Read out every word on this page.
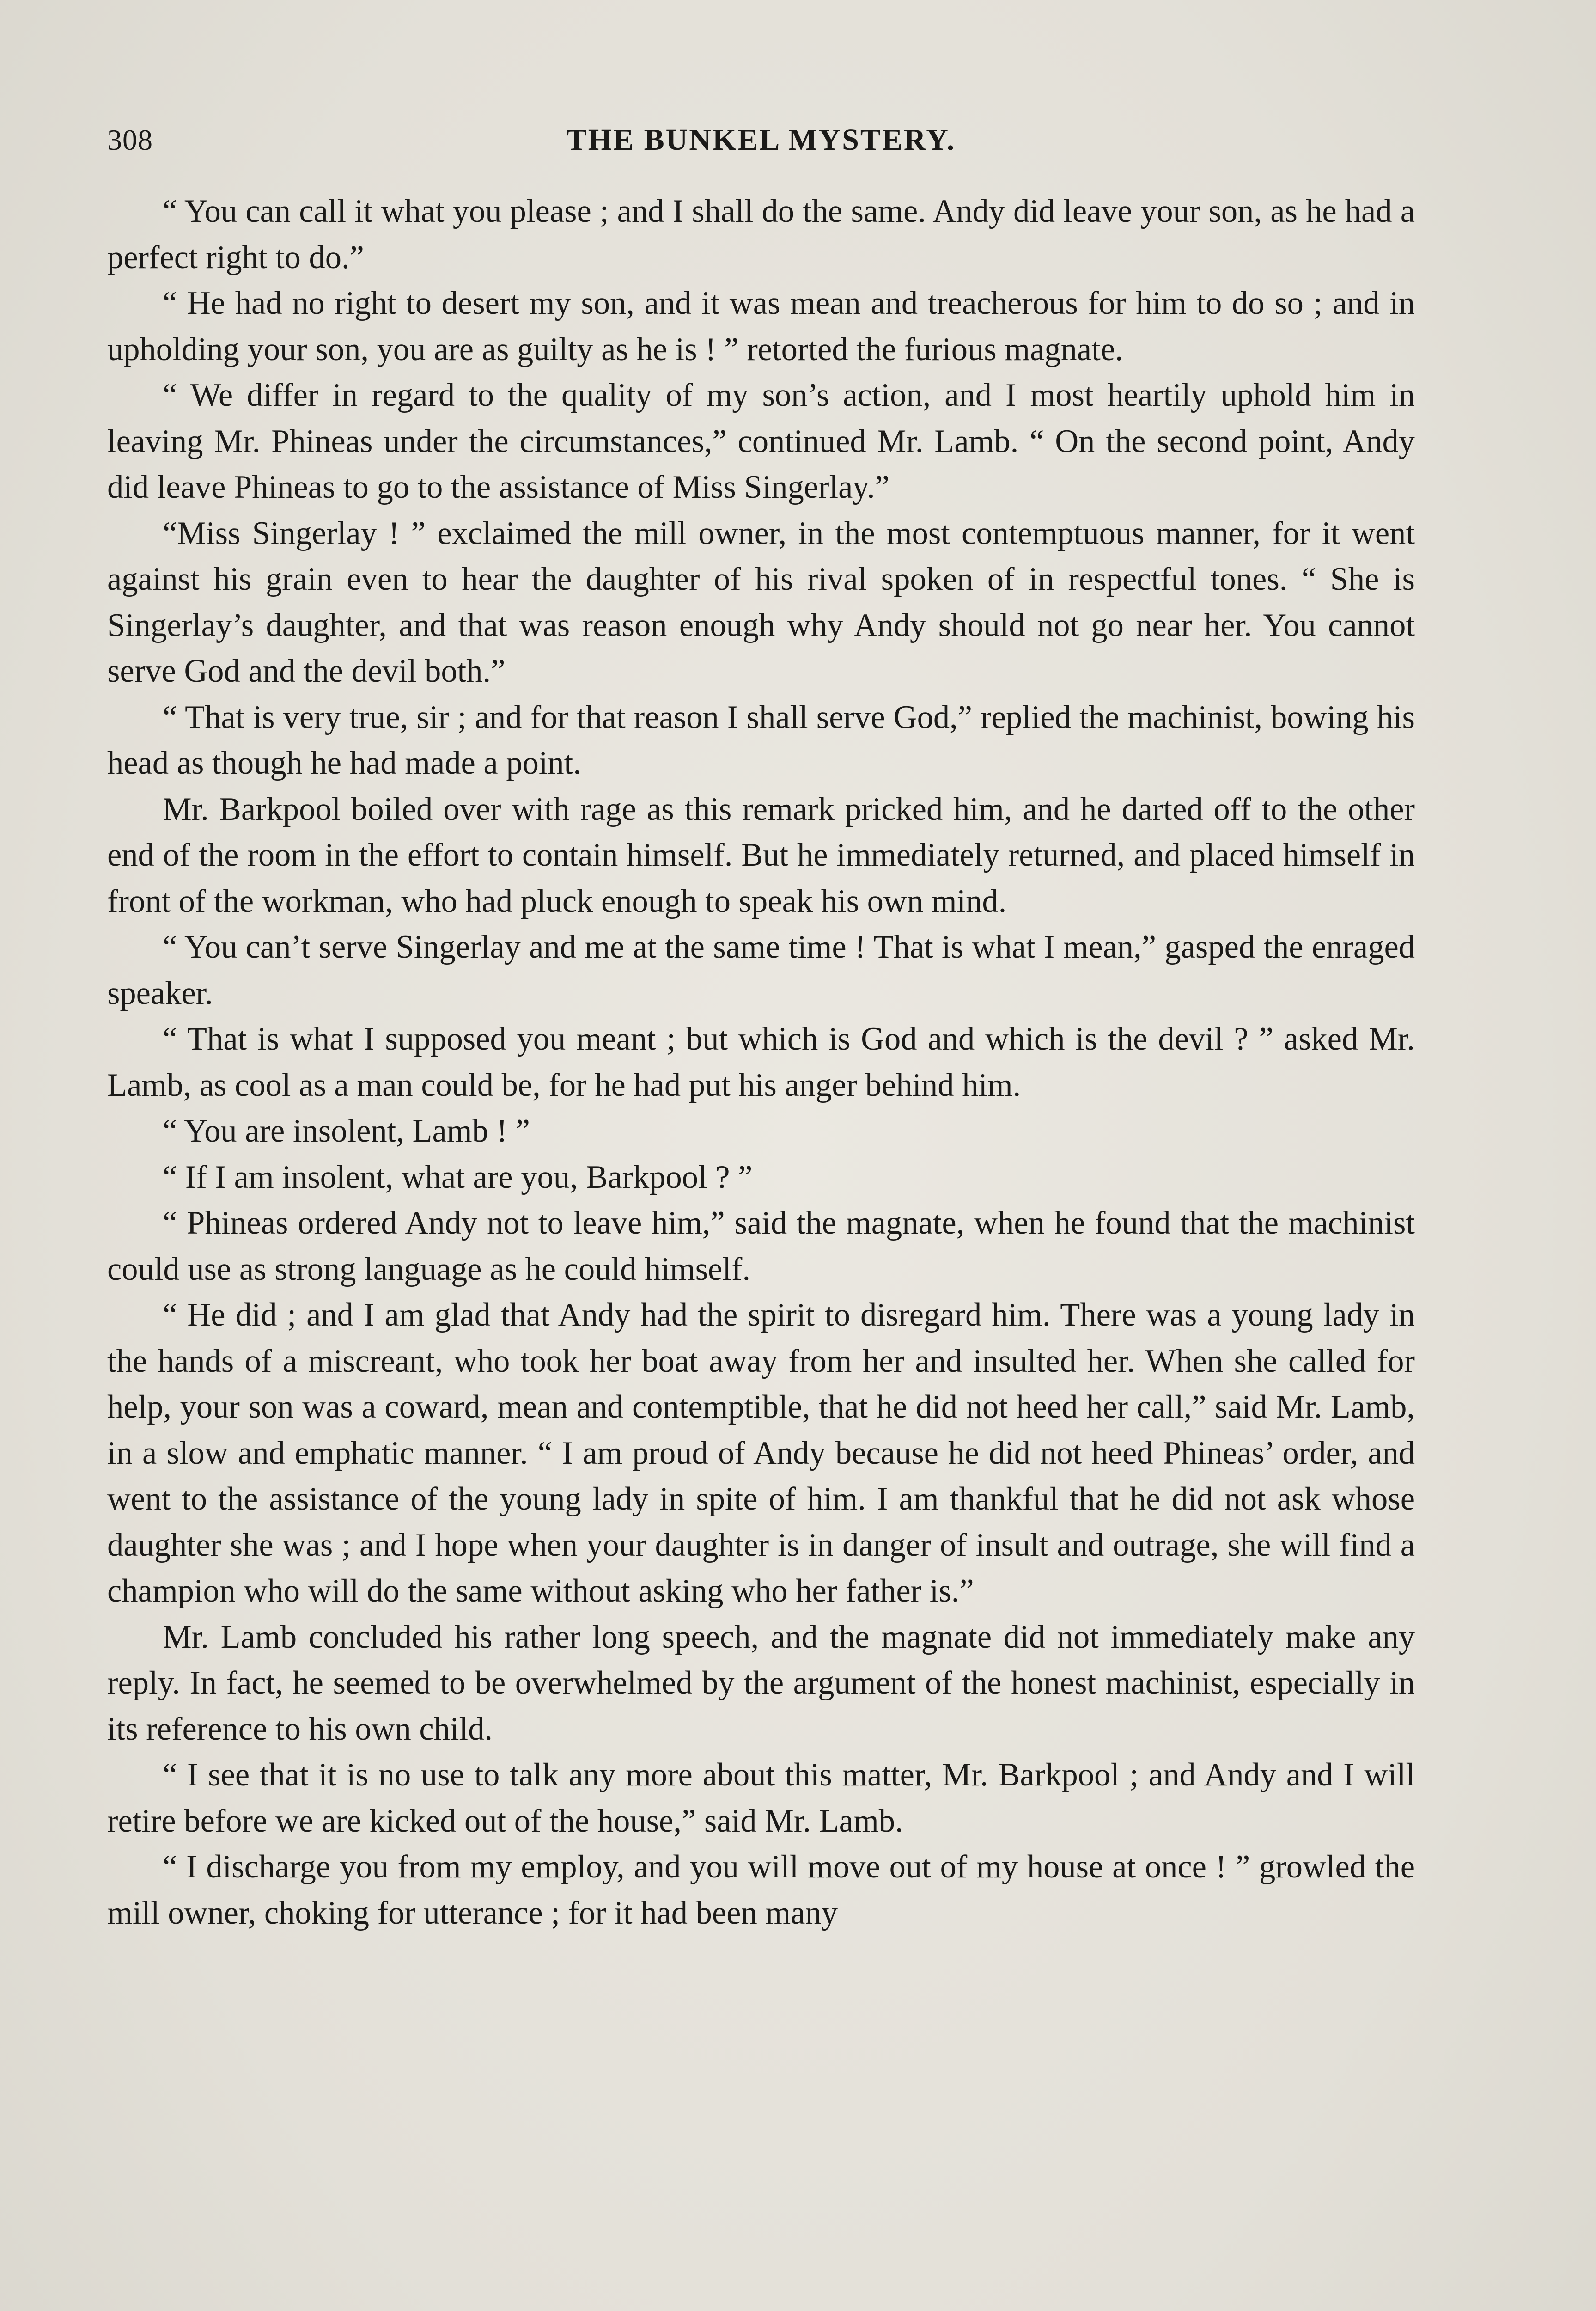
308	THE BUNKEL MYSTERY.

“ You can call it what you please ; and I shall do the same. Andy did leave your son, as he had a perfect right to do.”

“ He had no right to desert my son, and it was mean and treacherous for him to do so ; and in upholding your son, you are as guilty as he is ! ” retorted the furious magnate.

“ We differ in regard to the quality of my son’s action, and I most heartily uphold him in leaving Mr. Phineas under the circumstances,” continued Mr. Lamb. “ On the second point, Andy did leave Phineas to go to the assistance of Miss Singerlay.”

“Miss Singerlay ! ” exclaimed the mill owner, in the most contemptuous manner, for it went against his grain even to hear the daughter of his rival spoken of in respectful tones. “ She is Singerlay’s daughter, and that was reason enough why Andy should not go near her. You cannot serve God and the devil both.”

“ That is very true, sir ; and for that reason I shall serve God,” replied the machinist, bowing his head as though he had made a point.

Mr. Barkpool boiled over with rage as this remark pricked him, and he darted off to the other end of the room in the effort to contain himself. But he immediately returned, and placed himself in front of the workman, who had pluck enough to speak his own mind.

“ You can’t serve Singerlay and me at the same time ! That is what I mean,” gasped the enraged speaker.

“ That is what I supposed you meant ; but which is God and which is the devil ? ” asked Mr. Lamb, as cool as a man could be, for he had put his anger behind him.

“ You are insolent, Lamb ! ”

“ If I am insolent, what are you, Barkpool ? ”

“ Phineas ordered Andy not to leave him,” said the magnate, when he found that the machinist could use as strong language as he could himself.

“ He did ; and I am glad that Andy had the spirit to disregard him. There was a young lady in the hands of a miscreant, who took her boat away from her and insulted her. When she called for help, your son was a coward, mean and contemptible, that he did not heed her call,” said Mr. Lamb, in a slow and emphatic manner. “ I am proud of Andy because he did not heed Phineas’ order, and went to the assistance of the young lady in spite of him. I am thankful that he did not ask whose daughter she was ; and I hope when your daughter is in danger of insult and outrage, she will find a champion who will do the same without asking who her father is.”

Mr. Lamb concluded his rather long speech, and the magnate did not immediately make any reply. In fact, he seemed to be overwhelmed by the argument of the honest machinist, especially in its reference to his own child.

“ I see that it is no use to talk any more about this matter, Mr. Barkpool ; and Andy and I will retire before we are kicked out of the house,” said Mr. Lamb.

“ I discharge you from my employ, and you will move out of my house at once ! ” growled the mill owner, choking for utterance ; for it had been many
